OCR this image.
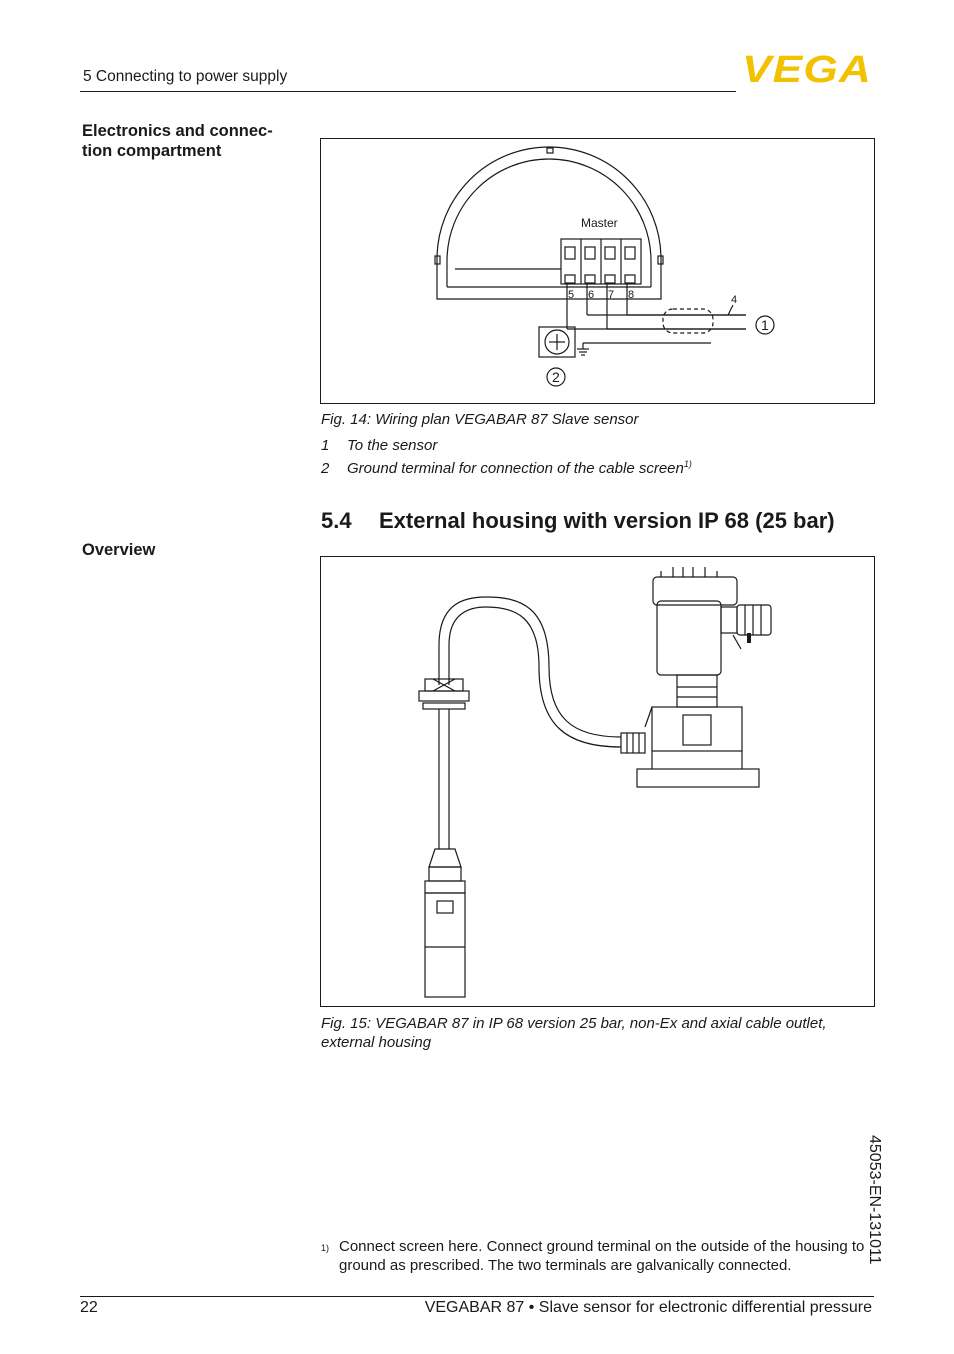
5 Connecting to power supply	VEGA
Electronics and connec-
tion compartment
Overview
Master
5 6 7 8	4
1
2
Fig. 14: Wiring plan VEGABAR 87 Slave sensor
1 To the sensor
2 Ground terminal for connection of the cable screen$^{1)}$
5.4 External housing with version IP 68 (25 bar)
Fig. 15: VEGABAR 87 in IP 68 version 25 bar, non-Ex and axial cable outlet,
external housing
45053-EN-131011
1) Connect screen here. Connect ground terminal on the outside of the housing to ground as prescribed. The two terminals are galvanically connected.
22	VEGABAR 87 • Slave sensor for electronic differential pressure
